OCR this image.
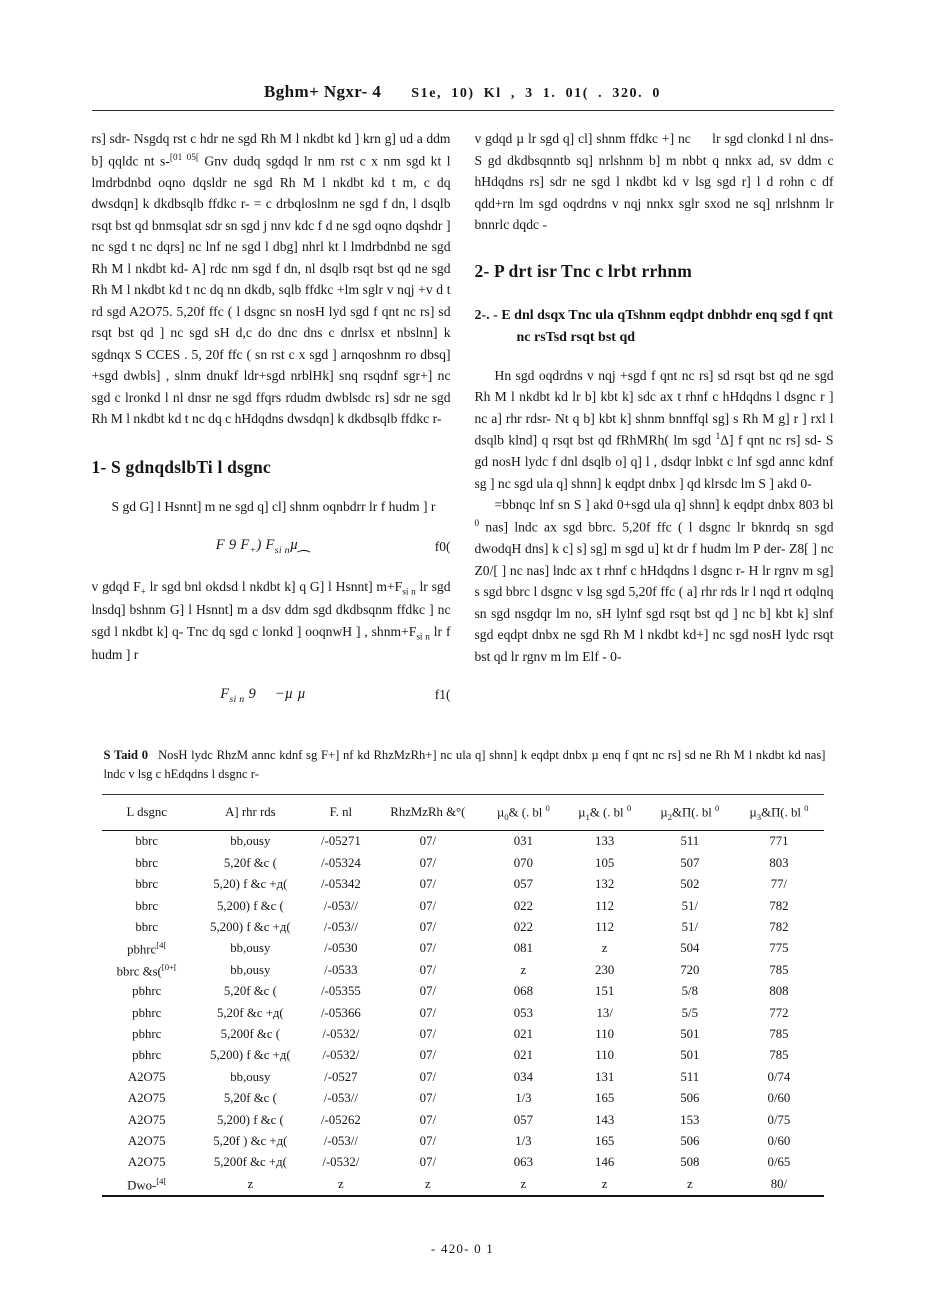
Bghm+ Ngxr- 4 S1e, 10) Kl , 3 1. 01( . 320. 0

rs] sdr- Nsgdq rst c hdr ne sgd Rh M l nkdbt kd ] krn g] ud a ddm b] qqldc nt s-$^{[01 05[}$ Gnv dudq sgdqd lr nm rst c x nm sgd kt l lmdrbdnbd oqno dqsldr ne sgd Rh M l nkdbt kd t m, c dq dwsdqn] k dkdbsqlb ffdkc r- = c drbqloslnm ne sgd f dn, l dsqlb rsqt bst qd bnmsqlat sdr sn sgd j nnv kdc f d ne sgd oqno dqshdr ] nc sgd t nc dqrs] nc lnf ne sgd l dbg] nhrl kt l lmdrbdnbd ne sgd Rh M l nkdbt kd- A] rdc nm sgd f dn, nl dsqlb rsqt bst qd ne sgd Rh M l nkdbt kd t nc dq nn dkdb, sqlb ffdkc +lm sglr v nqj +v d t rd sgd A2O75. 5,20f ffc ( l dsgnc sn nosH lyd sgd f qnt nc rs] sd rsqt bst qd ] nc sgd sH d,c do dnc dns c dnrlsx et nbslnn] k sgdnqx S CCES . 5, 20f ffc ( sn rst c x sgd ] arnqoshnm ro dbsq] +sgd dwbls] , slnm dnukf ldr+sgd nrblHk] snq rsqdnf sgr+] nc sgd c lronkd l nl dnsr ne sgd ffqrs rdudm dwblsdc rs] sdr ne sgd Rh M l nkdbt kd t nc dq c hHdqdns dwsdqn] k dkdbsqlb ffdkc r-

1- S gdnqdslbTi l dsgnc

S gd G] l Hsnnt] m ne sgd q] cl] shnm oqnbdrr lr f hudm ] r

F 9 $F_+$) $F_{si n}\mu⁔$	f0(

v gdqd $F_+$ lr sgd bnl okdsd l nkdbt k] q G] l Hsnnt] $m+F_{si n}$ lr sgd lnsdq] bshnm G] l Hsnnt] m a dsv ddm sgd dkdbsqnm ffdkc ] nc sgd l nkdbt k] q- Tnc dq sgd c lonkd ] ooqnwH ] , $shnm+F_{si n}$ lr f hudm ] r

$F_{si n}$ 9  −µ µ	f1(

v gdqd µ lr sgd q] cl] shnm ffdkc +] nc   lr sgd clonkd l nl dns- S gd dkdbsqnntb sq] nrlshnm b] m nbbt q nnkx ad, sv ddm c hHdqdns rs] sdr ne sgd l nkdbt kd v lsg sgd r] l d rohn c df qdd+rn lm sgd oqdrdns v nqj nnkx sglr sxod ne sq] nrlshnm lr bnnrlc dqdc -

2- P drt isr Tnc c lrbt rrhnm
2-. - E dnl dsqx Tnc ula qTshnm eqdpt dnbhdr enq sgd f qnt nc rsTsd rsqt bst qd

Hn sgd oqdrdns v nqj +sgd f qnt nc rs] sd rsqt bst qd ne sgd Rh M l nkdbt kd lr b] kbt k] sdc ax t rhnf c hHdqdns l dsgnc r ] nc a] rhr rdsr- Nt q b] kbt k] shnm bnnffql sg] s Rh M g] r ] rxl l dsqlb klnd] q rsqt bst qd fRhMRh( lm sgd $^1$Δ] f qnt nc rs] sd- S gd nosH lydc f dnl dsqlb o] q] l , dsdqr lnbkt c lnf sgd annc kdnf sg ] nc sgd ula q] shnn] k eqdpt dnbx ] qd klrsdc lm S ] akd 0-

=bbnqc lnf sn S ] akd 0+sgd ula q] shnn] k eqdpt dnbx 803 bl $^0$ nas] lndc ax sgd bbrc. 5,20f ffc ( l dsgnc lr bknrdq sn sgd dwodqH dns] k c] s] sg] m sgd u] kt dr f hudm lm P der- Z8[ ] nc Z0/[ ] nc nas] lndc ax t rhnf c hHdqdns l dsgnc r- H lr rgnv m sg] s sgd bbrc l dsgnc v lsg sgd 5,20f ffc ( a] rhr rds lr l nqd rt odqlnq sn sgd nsgdqr lm no, sH lylnf sgd rsqt bst qd ] nc b] kbt k] slnf sgd eqdpt dnbx ne sgd Rh M l nkdbt kd+] nc sgd nosH lydc rsqt bst qd lr rgnv m lm Elf - 0-

S Taid 0 NosH lydc RhzM annc kdnf sg F+] nf kd RhzMzRh+] nc ula q] shnn] k eqdpt dnbx µ enq f qnt nc rs] sd ne Rh M l nkdbt kd nas] lndc v lsg c hEdqdns l dsgnc r-
L dsgnc	A] rhr rds	F. nl	RhzMzRh &°(	µ$_0$& (. bl $^0$	µ$_1$& (. bl $^0$	µ$_2$&Π(. bl $^0$	µ$_3$&Π(. bl $^0$
bbrc	bb,ousy	/-05271	07/	031	133	511	771
bbrc	5,20f &c (	/-05324	07/	070	105	507	803
bbrc	5,20) f &c +д(	/-05342	07/	057	132	502	77/
bbrc	5,200) f &c (	/-053//	07/	022	112	51/	782
bbrc	5,200) f &c +д(	/-053//	07/	022	112	51/	782
pbhrc$^{[4[}$	bb,ousy	/-0530	07/	081	z	504	775
bbrc &s($^{[0+[}$	bb,ousy	/-0533	07/	z	230	720	785
pbhrc	5,20f &c (	/-05355	07/	068	151	5/8	808
pbhrc	5,20f &c +д(	/-05366	07/	053	13/	5/5	772
pbhrc	5,200f &c (	/-0532/	07/	021	110	501	785
pbhrc	5,200) f &c +д(	/-0532/	07/	021	110	501	785
A2O75	bb,ousy	/-0527	07/	034	131	511	0/74
A2O75	5,20f &c (	/-053//	07/	1/3	165	506	0/60
A2O75	5,200) f &c (	/-05262	07/	057	143	153	0/75
A2O75	5,20f ) &c +д(	/-053//	07/	1/3	165	506	0/60
A2O75	5,200f &c +д(	/-0532/	07/	063	146	508	0/65
Dwo-$^{[4[}$	z	z	z	z	z	z	80/
- 420- 0 1
